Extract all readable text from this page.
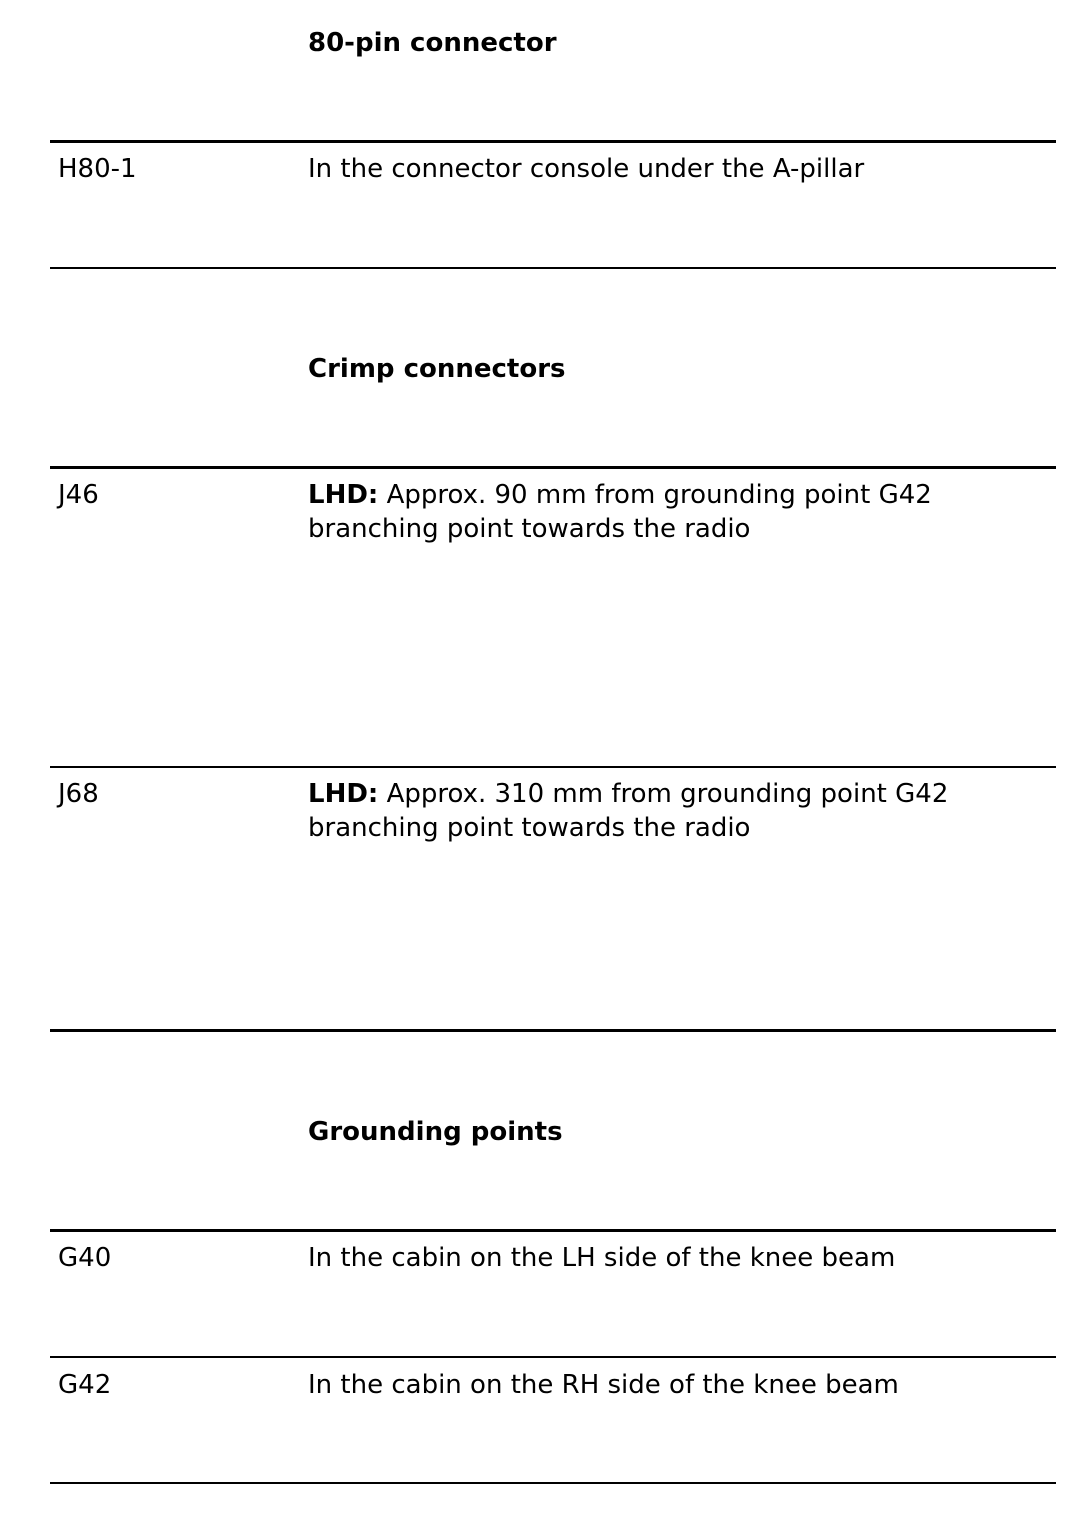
80-pin connector
H80-1	In the connector console under the A-pillar
Crimp connectors
J46	LHD: Approx. 90 mm from grounding point G42 branching point towards the radio
J68	LHD: Approx. 310 mm from grounding point G42 branching point towards the radio
Grounding points
G40	In the cabin on the LH side of the knee beam
G42	In the cabin on the RH side of the knee beam
